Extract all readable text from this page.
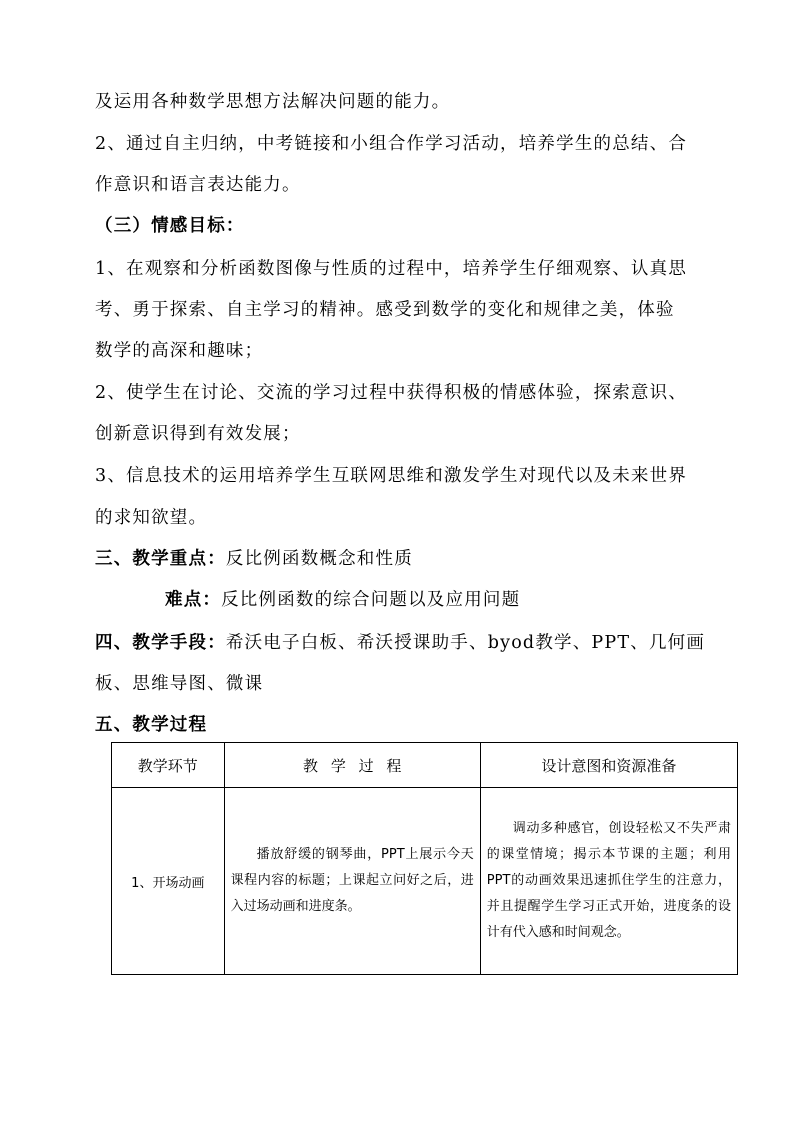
及运用各种数学思想方法解决问题的能力。
2、通过自主归纳，中考链接和小组合作学习活动，培养学生的总结、合
作意识和语言表达能力。
（三）情感目标：
1、在观察和分析函数图像与性质的过程中，培养学生仔细观察、认真思
考、勇于探索、自主学习的精神。感受到数学的变化和规律之美，体验
数学的高深和趣味；
2、使学生在讨论、交流的学习过程中获得积极的情感体验，探索意识、
创新意识得到有效发展；
3、信息技术的运用培养学生互联网思维和激发学生对现代以及未来世界
的求知欲望。
三、教学重点：反比例函数概念和性质
难点：反比例函数的综合问题以及应用问题
四、教学手段：希沃电子白板、希沃授课助手、byod教学、PPT、几何画
板、思维导图、微课
五、教学过程
教学环节	教 学 过 程	设计意图和资源准备
1、开场动画	播放舒缓的钢琴曲，PPT上展示今天课程内容的标题；上课起立问好之后，进入过场动画和进度条。	调动多种感官，创设轻松又不失严肃的课堂情境；揭示本节课的主题；利用PPT的动画效果迅速抓住学生的注意力，并且提醒学生学习正式开始，进度条的设计有代入感和时间观念。
